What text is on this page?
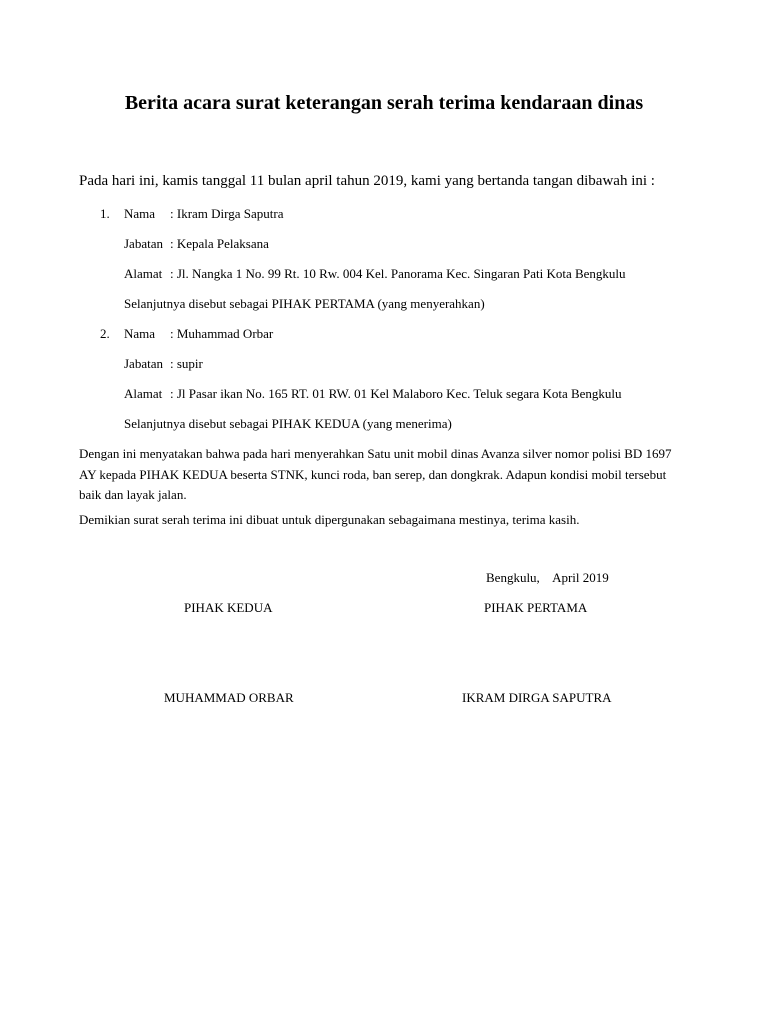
Berita acara surat keterangan serah terima kendaraan dinas
Pada hari ini, kamis tanggal 11 bulan april tahun 2019, kami yang bertanda tangan dibawah ini :
1. Nama : Ikram Dirga Saputra
Jabatan : Kepala Pelaksana
Alamat : Jl. Nangka 1 No. 99 Rt. 10 Rw. 004 Kel. Panorama Kec. Singaran Pati Kota Bengkulu
Selanjutnya disebut sebagai PIHAK PERTAMA (yang menyerahkan)
2. Nama : Muhammad Orbar
Jabatan : supir
Alamat : Jl Pasar ikan No. 165 RT. 01 RW. 01 Kel Malaboro Kec. Teluk segara Kota Bengkulu
Selanjutnya disebut sebagai PIHAK KEDUA (yang menerima)
Dengan ini menyatakan bahwa pada hari menyerahkan Satu unit mobil dinas Avanza silver nomor polisi BD 1697 AY kepada PIHAK KEDUA beserta STNK, kunci roda, ban serep, dan dongkrak. Adapun kondisi mobil tersebut baik dan layak jalan.
Demikian surat serah terima ini dibuat untuk dipergunakan sebagaimana mestinya, terima kasih.
Bengkulu,    April 2019
PIHAK KEDUA	PIHAK PERTAMA
MUHAMMAD ORBAR	IKRAM DIRGA SAPUTRA
